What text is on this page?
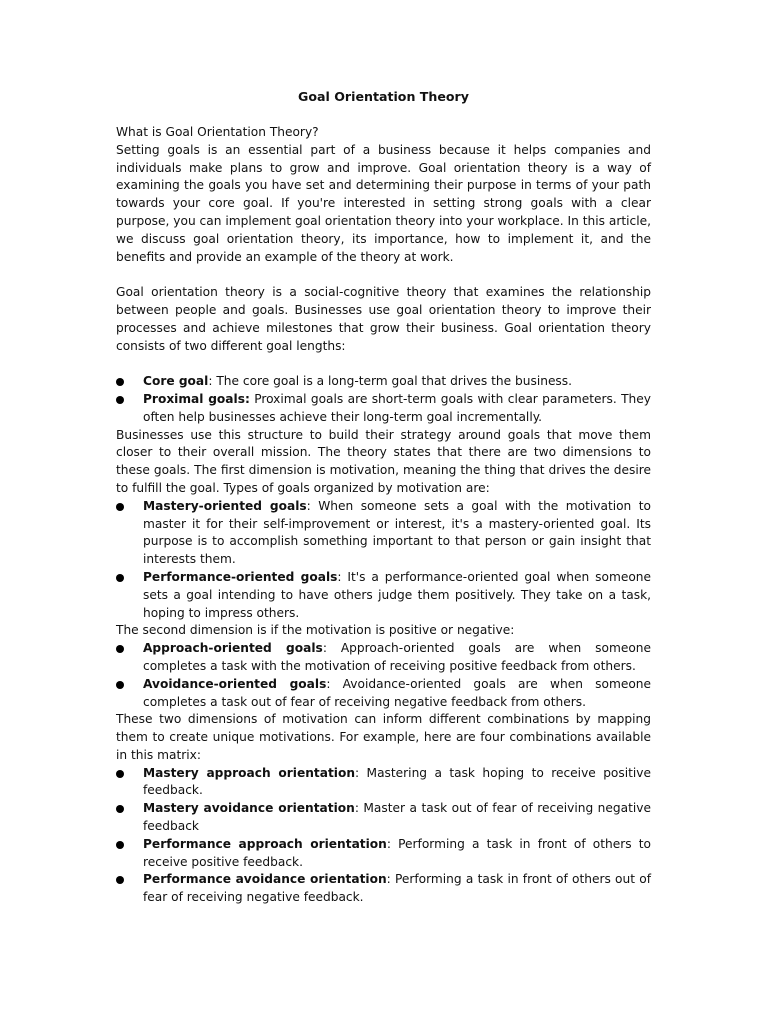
Goal Orientation Theory

What is Goal Orientation Theory?

Setting goals is an essential part of a business because it helps companies and individuals make plans to grow and improve. Goal orientation theory is a way of examining the goals you have set and determining their purpose in terms of your path towards your core goal. If you're interested in setting strong goals with a clear purpose, you can implement goal orientation theory into your workplace. In this article, we discuss goal orientation theory, its importance, how to implement it, and the benefits and provide an example of the theory at work.

Goal orientation theory is a social-cognitive theory that examines the relationship between people and goals. Businesses use goal orientation theory to improve their processes and achieve milestones that grow their business. Goal orientation theory consists of two different goal lengths:

Core goal: The core goal is a long-term goal that drives the business.
Proximal goals: Proximal goals are short-term goals with clear parameters. They often help businesses achieve their long-term goal incrementally.

Businesses use this structure to build their strategy around goals that move them closer to their overall mission. The theory states that there are two dimensions to these goals. The first dimension is motivation, meaning the thing that drives the desire to fulfill the goal. Types of goals organized by motivation are:

Mastery-oriented goals: When someone sets a goal with the motivation to master it for their self-improvement or interest, it's a mastery-oriented goal. Its purpose is to accomplish something important to that person or gain insight that interests them.
Performance-oriented goals: It's a performance-oriented goal when someone sets a goal intending to have others judge them positively. They take on a task, hoping to impress others.

The second dimension is if the motivation is positive or negative:

Approach-oriented goals: Approach-oriented goals are when someone completes a task with the motivation of receiving positive feedback from others.
Avoidance-oriented goals: Avoidance-oriented goals are when someone completes a task out of fear of receiving negative feedback from others.

These two dimensions of motivation can inform different combinations by mapping them to create unique motivations. For example, here are four combinations available in this matrix:

Mastery approach orientation: Mastering a task hoping to receive positive feedback.
Mastery avoidance orientation: Master a task out of fear of receiving negative feedback
Performance approach orientation: Performing a task in front of others to receive positive feedback.
Performance avoidance orientation: Performing a task in front of others out of fear of receiving negative feedback.
